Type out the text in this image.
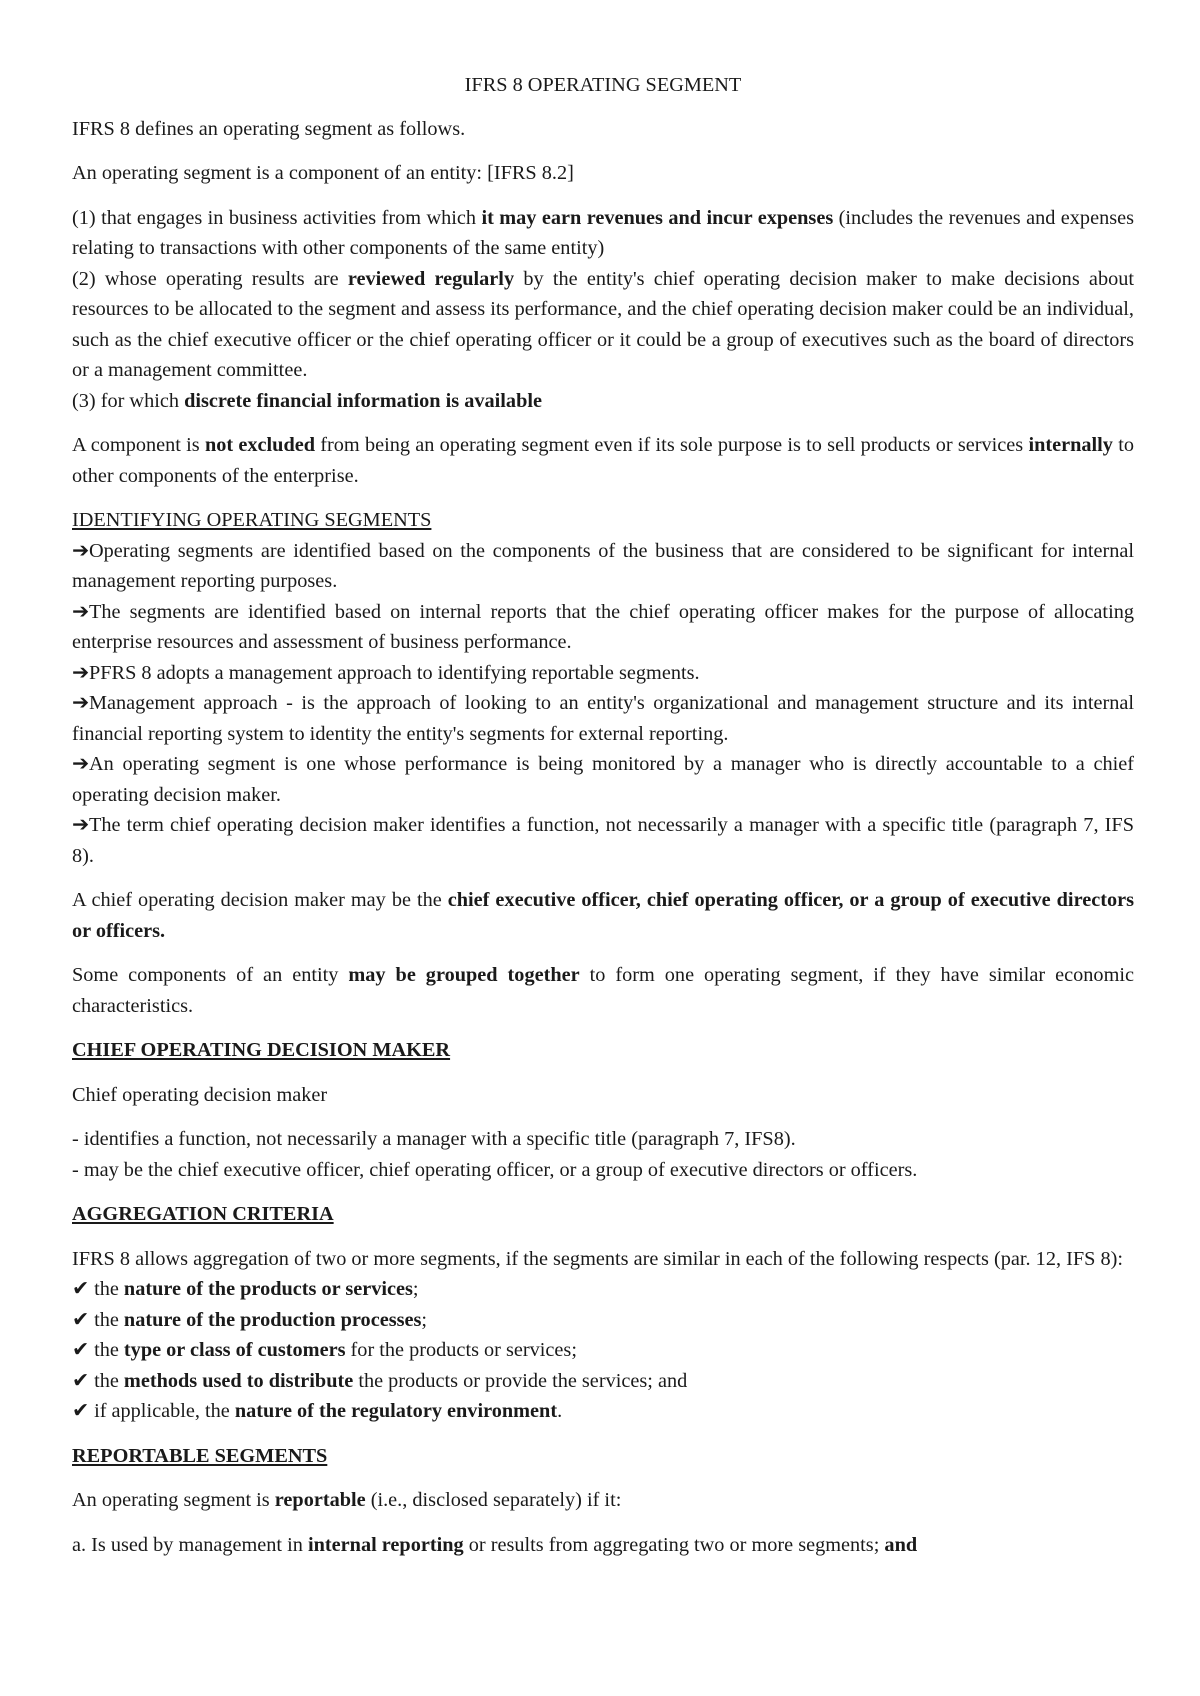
IFRS 8 OPERATING SEGMENT

IFRS 8 defines an operating segment as follows.

An operating segment is a component of an entity: [IFRS 8.2]

(1) that engages in business activities from which it may earn revenues and incur expenses (includes the revenues and expenses relating to transactions with other components of the same entity)

(2) whose operating results are reviewed regularly by the entity's chief operating decision maker to make decisions about resources to be allocated to the segment and assess its performance, and the chief operating decision maker could be an individual, such as the chief executive officer or the chief operating officer or it could be a group of executives such as the board of directors or a management committee.

(3) for which discrete financial information is available

A component is not excluded from being an operating segment even if its sole purpose is to sell products or services internally to other components of the enterprise.

IDENTIFYING OPERATING SEGMENTS

➔Operating segments are identified based on the components of the business that are considered to be significant for internal management reporting purposes.

➔The segments are identified based on internal reports that the chief operating officer makes for the purpose of allocating enterprise resources and assessment of business performance.

➔PFRS 8 adopts a management approach to identifying reportable segments.

➔Management approach - is the approach of looking to an entity's organizational and management structure and its internal financial reporting system to identity the entity's segments for external reporting.

➔An operating segment is one whose performance is being monitored by a manager who is directly accountable to a chief operating decision maker.

➔The term chief operating decision maker identifies a function, not necessarily a manager with a specific title (paragraph 7, IFS 8).

A chief operating decision maker may be the chief executive officer, chief operating officer, or a group of executive directors or officers.

Some components of an entity may be grouped together to form one operating segment, if they have similar economic characteristics.

CHIEF OPERATING DECISION MAKER

Chief operating decision maker

- identifies a function, not necessarily a manager with a specific title (paragraph 7, IFS8).

- may be the chief executive officer, chief operating officer, or a group of executive directors or officers.

AGGREGATION CRITERIA

IFRS 8 allows aggregation of two or more segments, if the segments are similar in each of the following respects (par. 12, IFS 8):

✔ the nature of the products or services;

✔ the nature of the production processes;

✔ the type or class of customers for the products or services;

✔ the methods used to distribute the products or provide the services; and

✔ if applicable, the nature of the regulatory environment.

REPORTABLE SEGMENTS

An operating segment is reportable (i.e., disclosed separately) if it:

a. Is used by management in internal reporting or results from aggregating two or more segments; and
